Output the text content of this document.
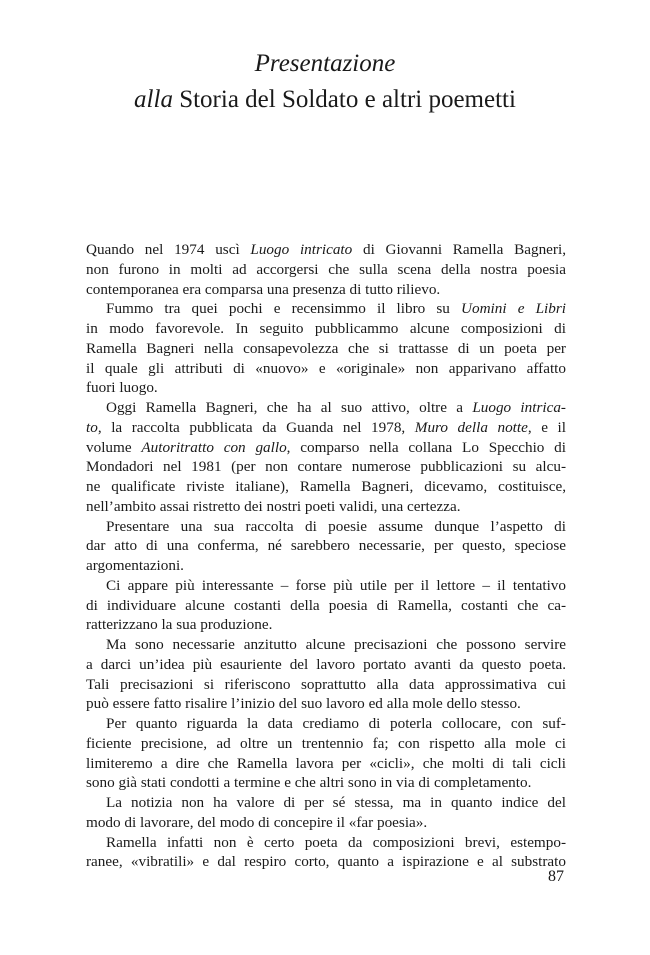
Presentazione
alla Storia del Soldato e altri poemetti
Quando nel 1974 uscì Luogo intricato di Giovanni Ramella Bagneri,
non furono in molti ad accorgersi che sulla scena della nostra poesia
contemporanea era comparsa una presenza di tutto rilievo.
Fummo tra quei pochi e recensimmo il libro su Uomini e Libri
in modo favorevole. In seguito pubblicammo alcune composizioni di
Ramella Bagneri nella consapevolezza che si trattasse di un poeta per
il quale gli attributi di «nuovo» e «originale» non apparivano affatto
fuori luogo.
Oggi Ramella Bagneri, che ha al suo attivo, oltre a Luogo intrica-
to, la raccolta pubblicata da Guanda nel 1978, Muro della notte, e il
volume Autoritratto con gallo, comparso nella collana Lo Specchio di
Mondadori nel 1981 (per non contare numerose pubblicazioni su alcu-
ne qualificate riviste italiane), Ramella Bagneri, dicevamo, costituisce,
nell’ambito assai ristretto dei nostri poeti validi, una certezza.
Presentare una sua raccolta di poesie assume dunque l’aspetto di
dar atto di una conferma, né sarebbero necessarie, per questo, speciose
argomentazioni.
Ci appare più interessante – forse più utile per il lettore – il tentativo
di individuare alcune costanti della poesia di Ramella, costanti che ca-
ratterizzano la sua produzione.
Ma sono necessarie anzitutto alcune precisazioni che possono servire
a darci un’idea più esauriente del lavoro portato avanti da questo poeta.
Tali precisazioni si riferiscono soprattutto alla data approssimativa cui
può essere fatto risalire l’inizio del suo lavoro ed alla mole dello stesso.
Per quanto riguarda la data crediamo di poterla collocare, con suf-
ficiente precisione, ad oltre un trentennio fa; con rispetto alla mole ci
limiteremo a dire che Ramella lavora per «cicli», che molti di tali cicli
sono già stati condotti a termine e che altri sono in via di completamento.
La notizia non ha valore di per sé stessa, ma in quanto indice del
modo di lavorare, del modo di concepire il «far poesia».
Ramella infatti non è certo poeta da composizioni brevi, estempo-
ranee, «vibratili» e dal respiro corto, quanto a ispirazione e al substrato
87
